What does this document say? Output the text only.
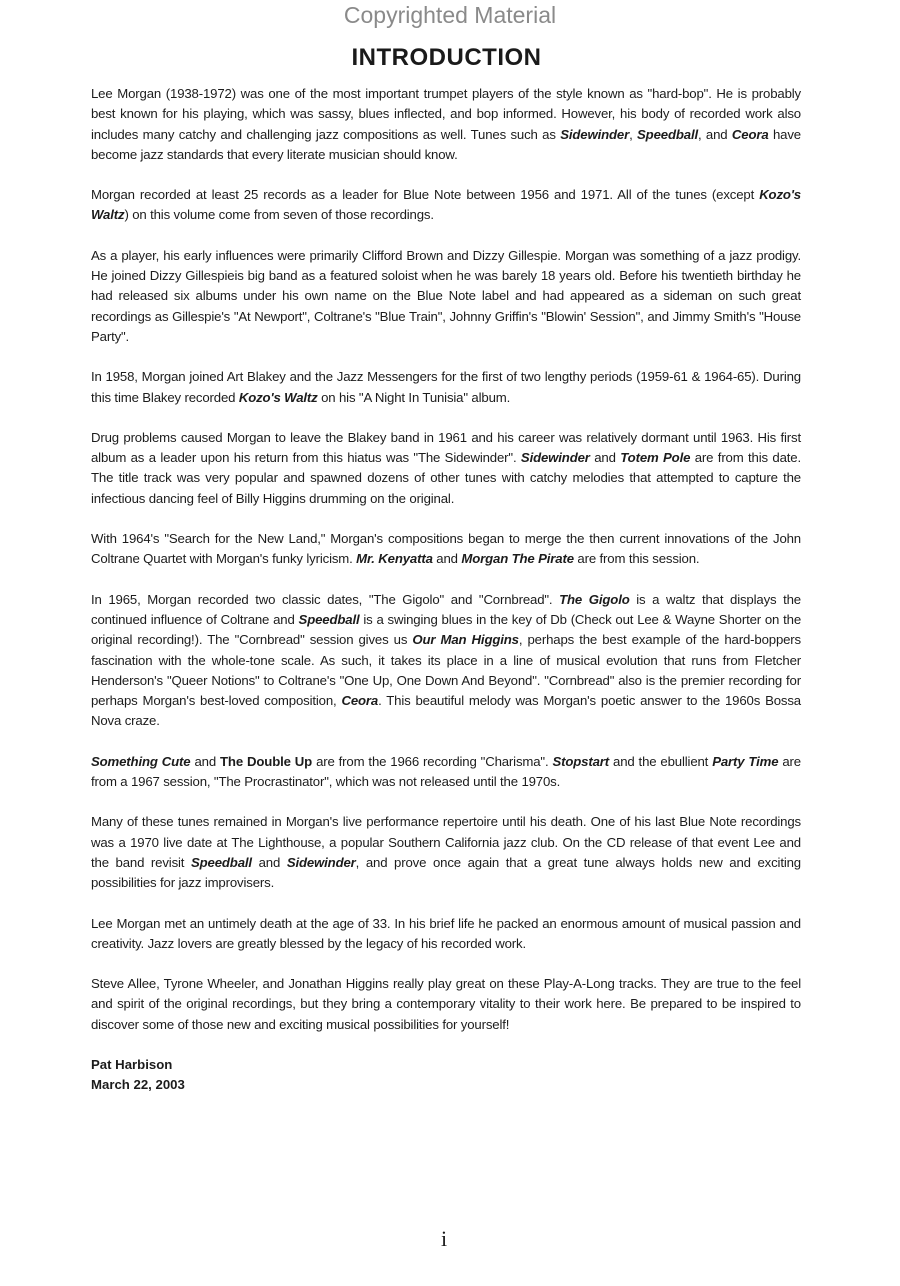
Copyrighted Material
INTRODUCTION

Lee Morgan (1938-1972) was one of the most important trumpet players of the style known as "hard-bop". He is probably best known for his playing, which was sassy, blues inflected, and bop informed. However, his body of recorded work also includes many catchy and challenging jazz compositions as well. Tunes such as Sidewinder, Speedball, and Ceora have become jazz standards that every literate musician should know.

Morgan recorded at least 25 records as a leader for Blue Note between 1956 and 1971. All of the tunes (except Kozo's Waltz) on this volume come from seven of those recordings.

As a player, his early influences were primarily Clifford Brown and Dizzy Gillespie. Morgan was something of a jazz prodigy. He joined Dizzy Gillespieis big band as a featured soloist when he was barely 18 years old. Before his twentieth birthday he had released six albums under his own name on the Blue Note label and had appeared as a sideman on such great recordings as Gillespie's "At Newport", Coltrane's "Blue Train", Johnny Griffin's "Blowin' Session", and Jimmy Smith's "House Party".

In 1958, Morgan joined Art Blakey and the Jazz Messengers for the first of two lengthy periods (1959-61 & 1964-65). During this time Blakey recorded Kozo's Waltz on his "A Night In Tunisia" album.

Drug problems caused Morgan to leave the Blakey band in 1961 and his career was relatively dormant until 1963. His first album as a leader upon his return from this hiatus was "The Sidewinder". Sidewinder and Totem Pole are from this date. The title track was very popular and spawned dozens of other tunes with catchy melodies that attempted to capture the infectious dancing feel of Billy Higgins drumming on the original.

With 1964's "Search for the New Land," Morgan's compositions began to merge the then current innovations of the John Coltrane Quartet with Morgan's funky lyricism. Mr. Kenyatta and Morgan The Pirate are from this session.

In 1965, Morgan recorded two classic dates, "The Gigolo" and "Cornbread". The Gigolo is a waltz that displays the continued influence of Coltrane and Speedball is a swinging blues in the key of Db (Check out Lee & Wayne Shorter on the original recording!). The "Cornbread" session gives us Our Man Higgins, perhaps the best example of the hard-boppers fascination with the whole-tone scale. As such, it takes its place in a line of musical evolution that runs from Fletcher Henderson's "Queer Notions" to Coltrane's "One Up, One Down And Beyond". "Cornbread" also is the premier recording for perhaps Morgan's best-loved composition, Ceora. This beautiful melody was Morgan's poetic answer to the 1960s Bossa Nova craze.

Something Cute and The Double Up are from the 1966 recording "Charisma". Stopstart and the ebullient Party Time are from a 1967 session, "The Procrastinator", which was not released until the 1970s.

Many of these tunes remained in Morgan's live performance repertoire until his death. One of his last Blue Note recordings was a 1970 live date at The Lighthouse, a popular Southern California jazz club. On the CD release of that event Lee and the band revisit Speedball and Sidewinder, and prove once again that a great tune always holds new and exciting possibilities for jazz improvisers.

Lee Morgan met an untimely death at the age of 33. In his brief life he packed an enormous amount of musical passion and creativity. Jazz lovers are greatly blessed by the legacy of his recorded work.

Steve Allee, Tyrone Wheeler, and Jonathan Higgins really play great on these Play-A-Long tracks. They are true to the feel and spirit of the original recordings, but they bring a contemporary vitality to their work here. Be prepared to be inspired to discover some of those new and exciting musical possibilities for yourself!

Pat Harbison
March 22, 2003
i
